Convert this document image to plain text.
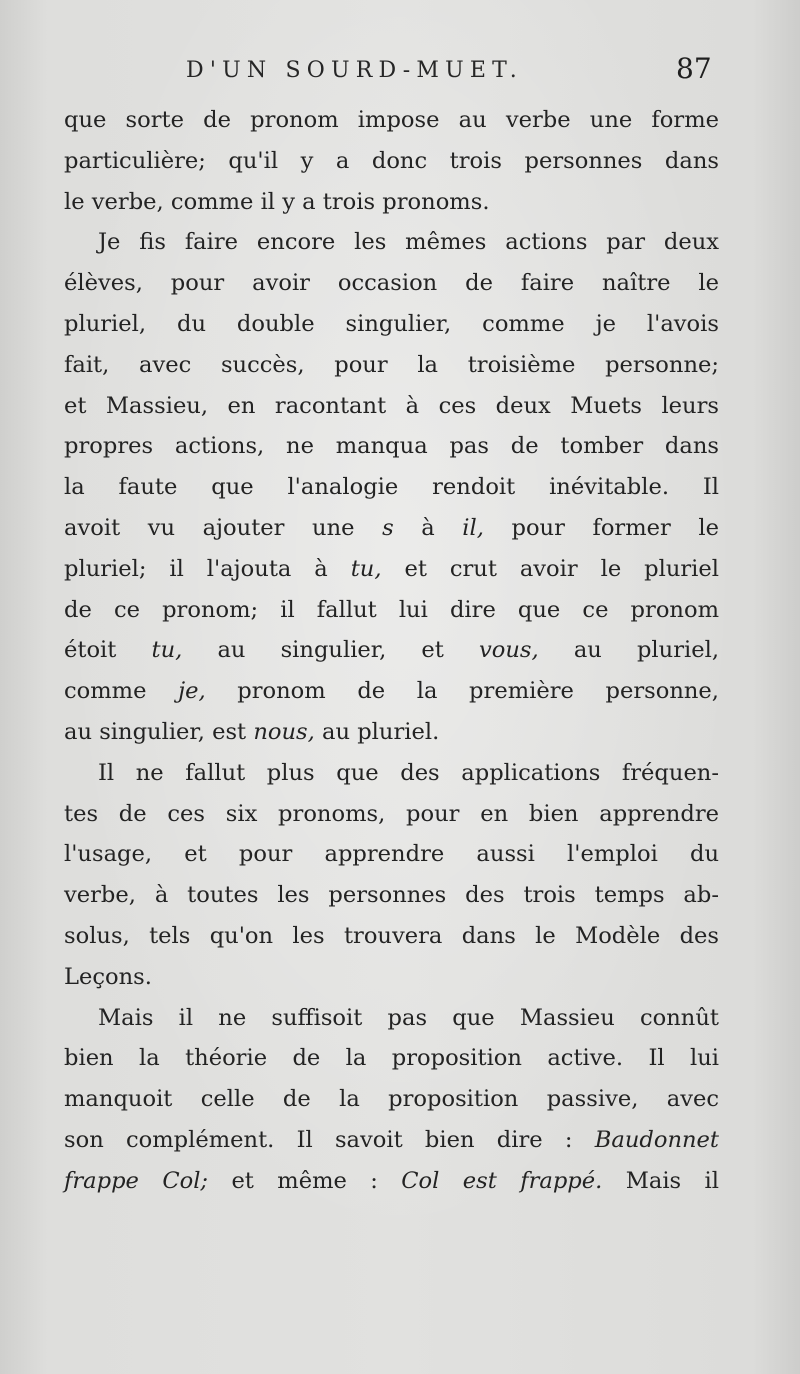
D'UN SOURD-MUET.	87
que sorte de pronom impose au verbe une forme
particulière; qu'il y a donc trois personnes dans
le verbe, comme il y a trois pronoms.
Je fis faire encore les mêmes actions par deux
élèves, pour avoir occasion de faire naître le
pluriel, du double singulier, comme je l'avois
fait, avec succès, pour la troisième personne;
et Massieu, en racontant à ces deux Muets leurs
propres actions, ne manqua pas de tomber dans
la faute que l'analogie rendoit inévitable. Il
avoit vu ajouter une s à il, pour former le
pluriel; il l'ajouta à tu, et crut avoir le pluriel
de ce pronom; il fallut lui dire que ce pronom
étoit tu, au singulier, et vous, au pluriel,
comme je, pronom de la première personne,
au singulier, est nous, au pluriel.
Il ne fallut plus que des applications fréquen-
tes de ces six pronoms, pour en bien apprendre
l'usage, et pour apprendre aussi l'emploi du
verbe, à toutes les personnes des trois temps ab-
solus, tels qu'on les trouvera dans le Modèle des
Leçons.
Mais il ne suffisoit pas que Massieu connût
bien la théorie de la proposition active. Il lui
manquoit celle de la proposition passive, avec
son complément. Il savoit bien dire : Baudonnet
frappe Col; et même : Col est frappé. Mais il
